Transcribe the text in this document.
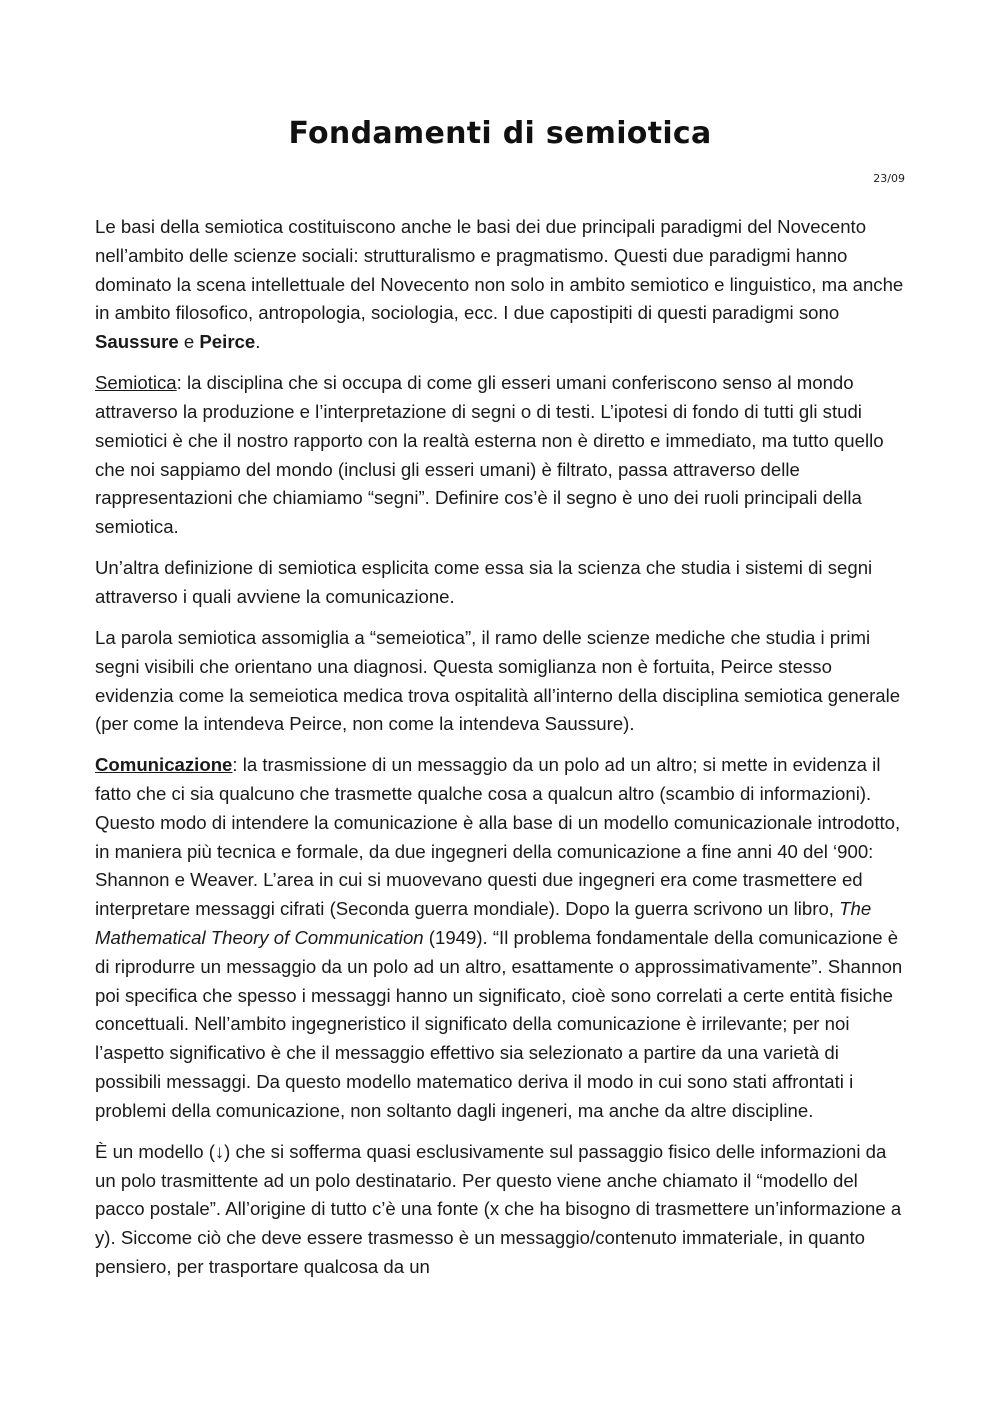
Fondamenti di semiotica
23/09

Le basi della semiotica costituiscono anche le basi dei due principali paradigmi del Novecento nell’ambito delle scienze sociali: strutturalismo e pragmatismo. Questi due paradigmi hanno dominato la scena intellettuale del Novecento non solo in ambito semiotico e linguistico, ma anche in ambito filosofico, antropologia, sociologia, ecc. I due capostipiti di questi paradigmi sono Saussure e Peirce.

Semiotica: la disciplina che si occupa di come gli esseri umani conferiscono senso al mondo attraverso la produzione e l’interpretazione di segni o di testi. L’ipotesi di fondo di tutti gli studi semiotici è che il nostro rapporto con la realtà esterna non è diretto e immediato, ma tutto quello che noi sappiamo del mondo (inclusi gli esseri umani) è filtrato, passa attraverso delle rappresentazioni che chiamiamo “segni”. Definire cos’è il segno è uno dei ruoli principali della semiotica.

Un’altra definizione di semiotica esplicita come essa sia la scienza che studia i sistemi di segni attraverso i quali avviene la comunicazione.

La parola semiotica assomiglia a “semeiotica”, il ramo delle scienze mediche che studia i primi segni visibili che orientano una diagnosi. Questa somiglianza non è fortuita, Peirce stesso evidenzia come la semeiotica medica trova ospitalità all’interno della disciplina semiotica generale (per come la intendeva Peirce, non come la intendeva Saussure).

Comunicazione: la trasmissione di un messaggio da un polo ad un altro; si mette in evidenza il fatto che ci sia qualcuno che trasmette qualche cosa a qualcun altro (scambio di informazioni). Questo modo di intendere la comunicazione è alla base di un modello comunicazionale introdotto, in maniera più tecnica e formale, da due ingegneri della comunicazione a fine anni 40 del ‘900: Shannon e Weaver. L’area in cui si muovevano questi due ingegneri era come trasmettere ed interpretare messaggi cifrati (Seconda guerra mondiale). Dopo la guerra scrivono un libro, The Mathematical Theory of Communication (1949). “Il problema fondamentale della comunicazione è di riprodurre un messaggio da un polo ad un altro, esattamente o approssimativamente”. Shannon poi specifica che spesso i messaggi hanno un significato, cioè sono correlati a certe entità fisiche concettuali. Nell’ambito ingegneristico il significato della comunicazione è irrilevante; per noi l’aspetto significativo è che il messaggio effettivo sia selezionato a partire da una varietà di possibili messaggi. Da questo modello matematico deriva il modo in cui sono stati affrontati i problemi della comunicazione, non soltanto dagli ingeneri, ma anche da altre discipline.

È un modello (↓) che si sofferma quasi esclusivamente sul passaggio fisico delle informazioni da un polo trasmittente ad un polo destinatario. Per questo viene anche chiamato il “modello del pacco postale”. All’origine di tutto c’è una fonte (x che ha bisogno di trasmettere un’informazione a y). Siccome ciò che deve essere trasmesso è un messaggio/contenuto immateriale, in quanto pensiero, per trasportare qualcosa da un
